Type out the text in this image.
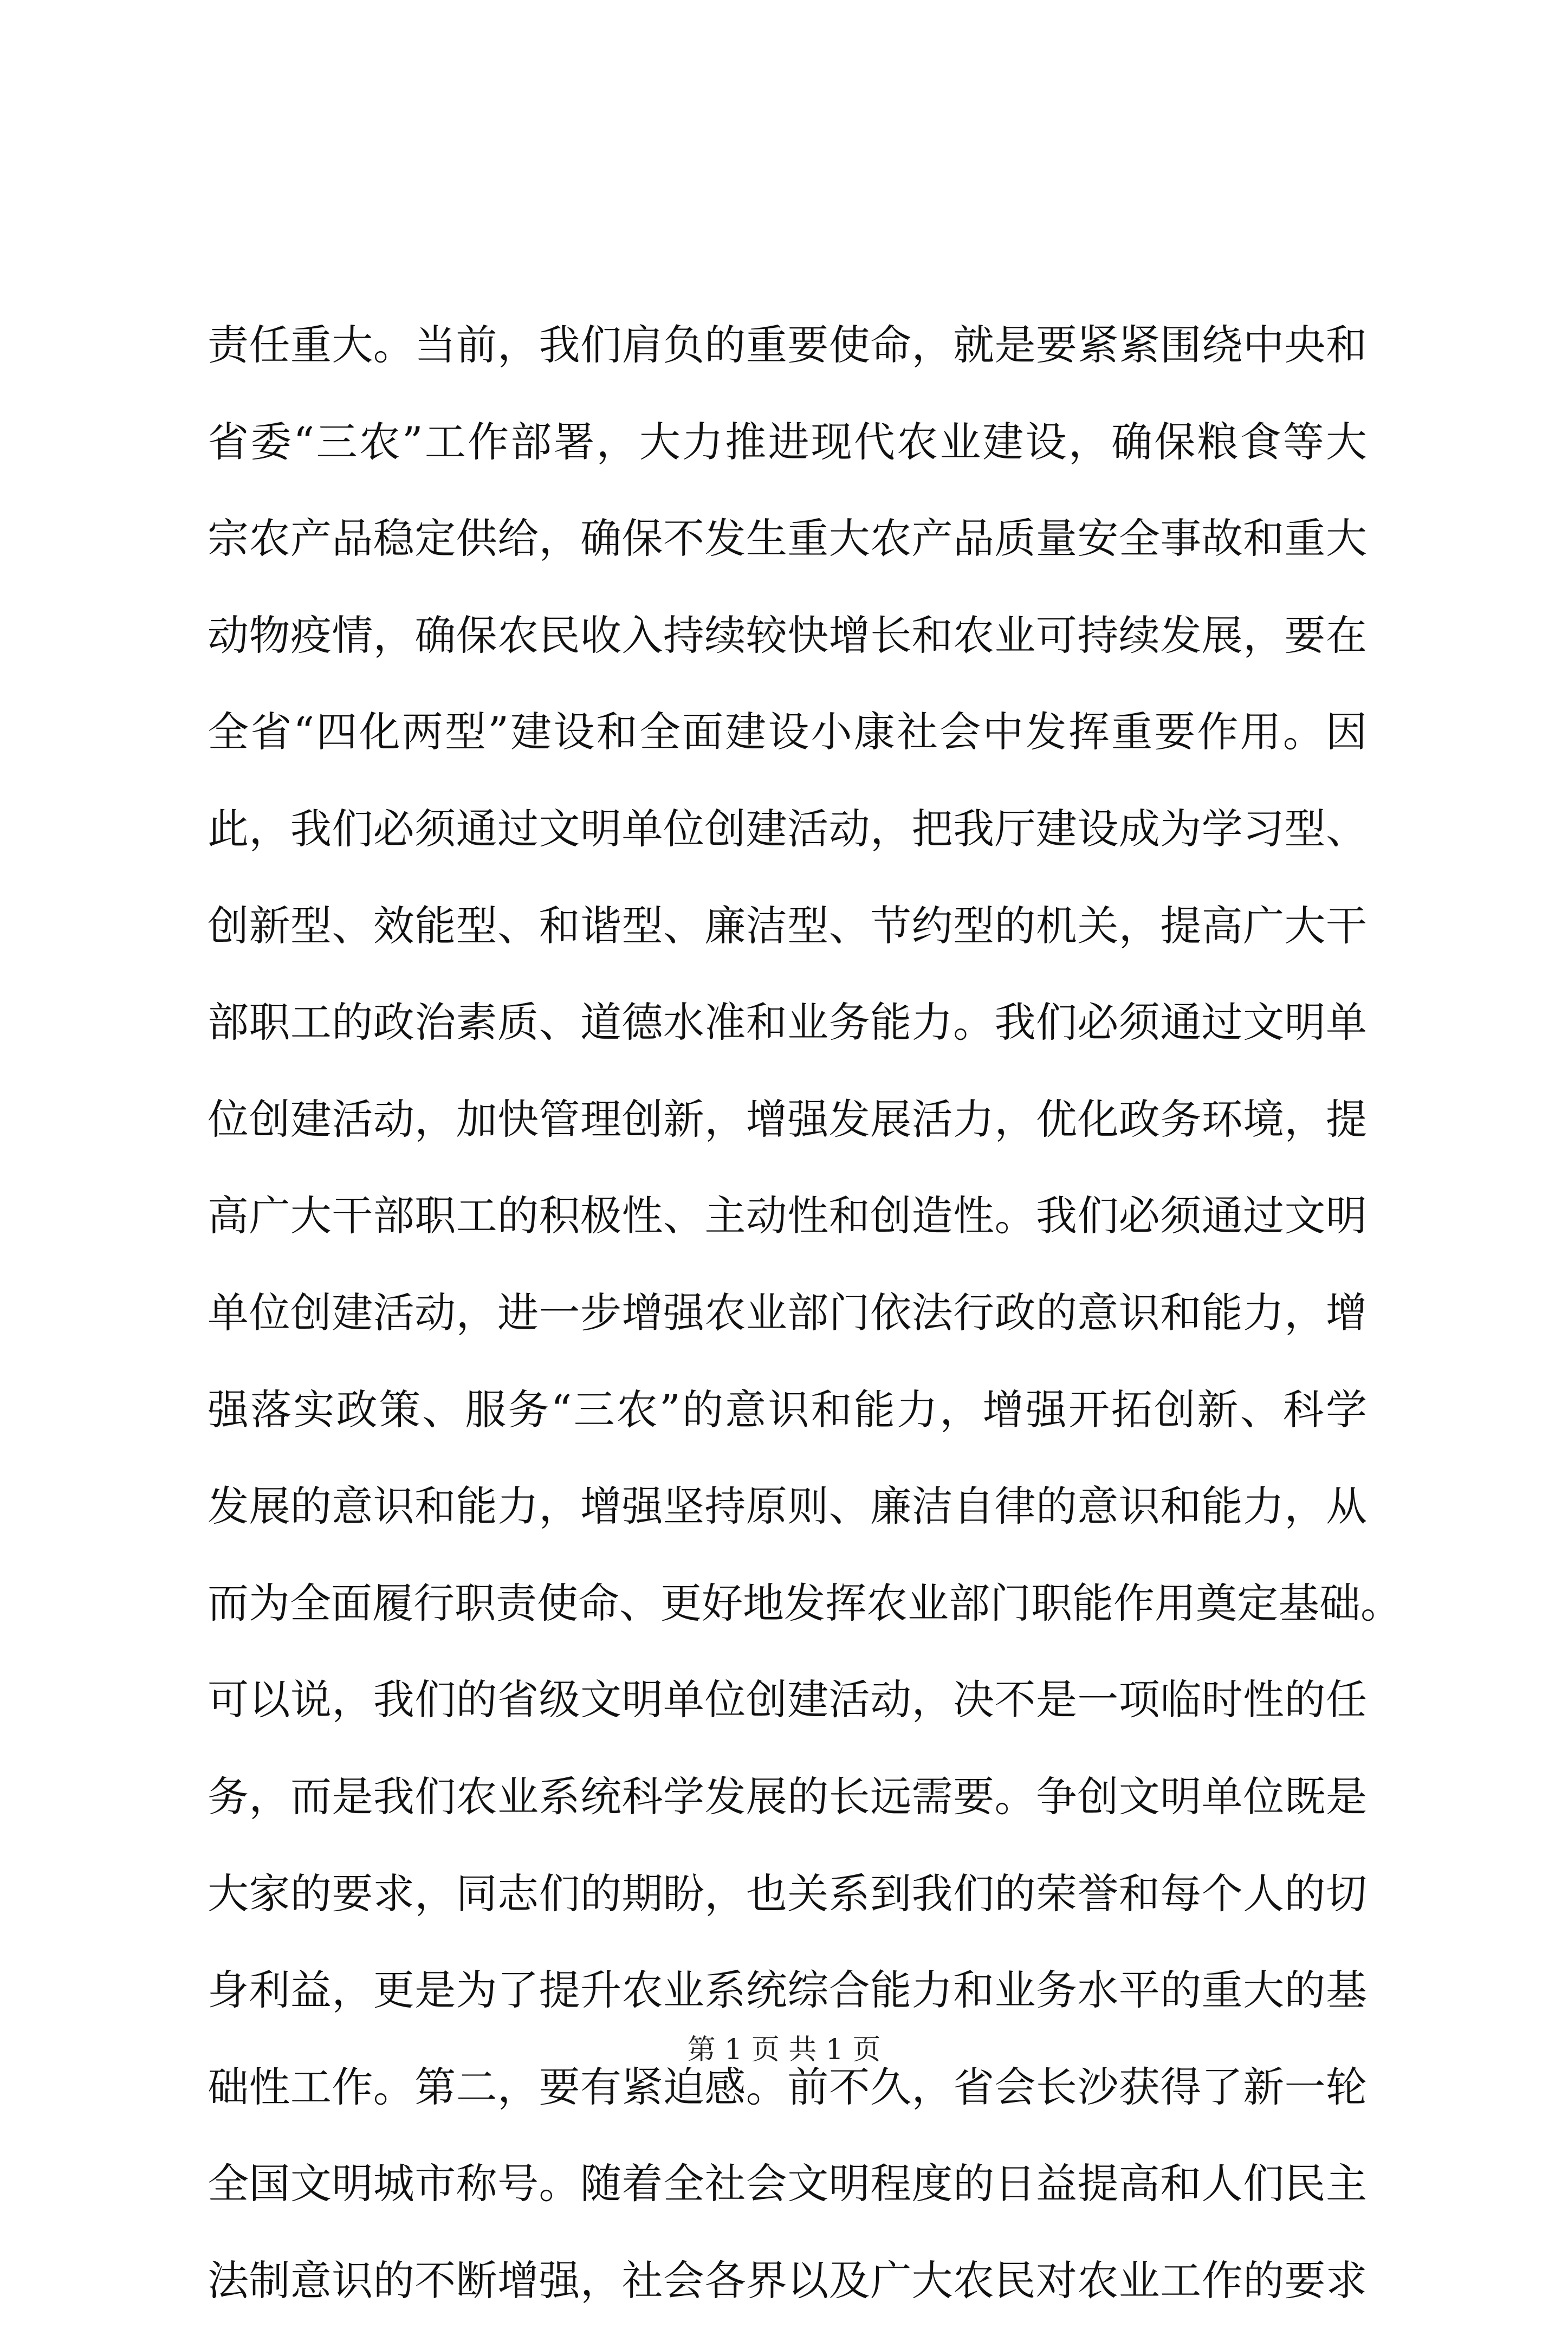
责任重大。当前，我们肩负的重要使命，就是要紧紧围绕中央和
省委“三农”工作部署，大力推进现代农业建设，确保粮食等大
宗农产品稳定供给，确保不发生重大农产品质量安全事故和重大
动物疫情，确保农民收入持续较快增长和农业可持续发展，要在
全省“四化两型”建设和全面建设小康社会中发挥重要作用。因
此，我们必须通过文明单位创建活动，把我厅建设成为学习型、
创新型、效能型、和谐型、廉洁型、节约型的机关，提高广大干
部职工的政治素质、道德水准和业务能力。我们必须通过文明单
位创建活动，加快管理创新，增强发展活力，优化政务环境，提
高广大干部职工的积极性、主动性和创造性。我们必须通过文明
单位创建活动，进一步增强农业部门依法行政的意识和能力，增
强落实政策、服务“三农”的意识和能力，增强开拓创新、科学
发展的意识和能力，增强坚持原则、廉洁自律的意识和能力，从
而为全面履行职责使命、更好地发挥农业部门职能作用奠定基础。
可以说，我们的省级文明单位创建活动，决不是一项临时性的任
务，而是我们农业系统科学发展的长远需要。争创文明单位既是
大家的要求，同志们的期盼，也关系到我们的荣誉和每个人的切
身利益，更是为了提升农业系统综合能力和业务水平的重大的基
础性工作。第二，要有紧迫感。前不久，省会长沙获得了新一轮
全国文明城市称号。随着全社会文明程度的日益提高和人们民主
法制意识的不断增强，社会各界以及广大农民对农业工作的要求
第 1 页 共 1 页
